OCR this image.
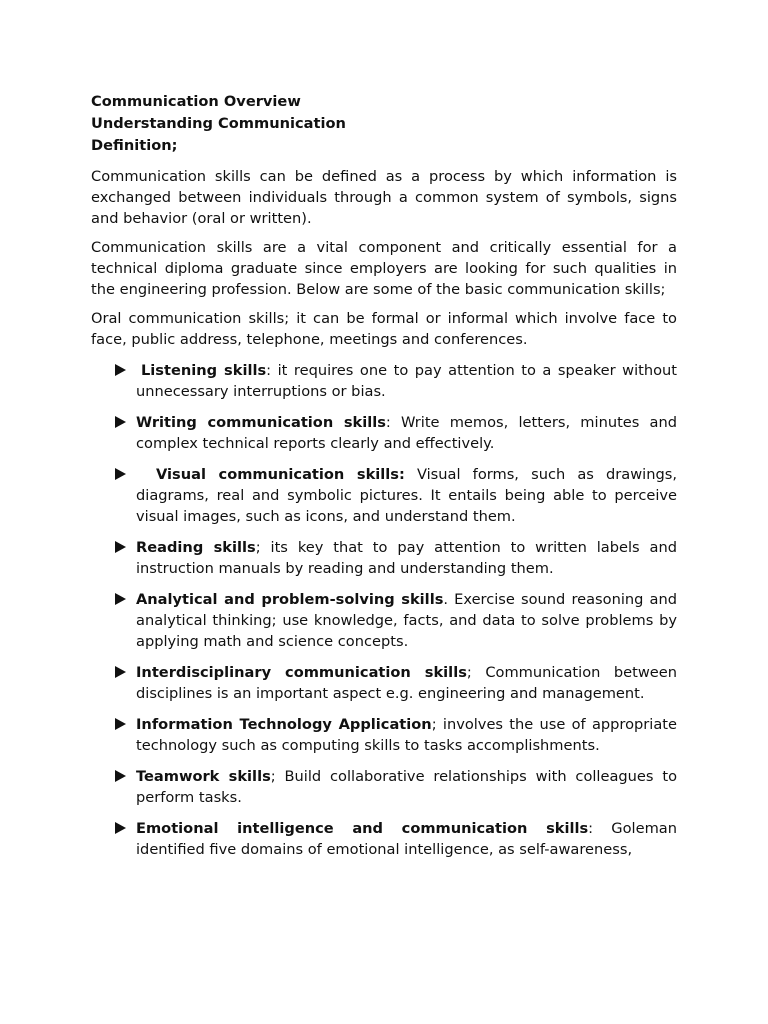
Communication Overview

Understanding Communication

Definition;

Communication skills can be defined as a process by which information is exchanged between individuals through a common system of symbols, signs and behavior (oral or written).

Communication skills are a vital component and critically essential for a technical diploma graduate since employers are looking for such qualities in the engineering profession. Below are some of the basic communication skills;

Oral communication skills; it can be formal or informal which involve face to face, public address, telephone, meetings and conferences.

Listening skills: it requires one to pay attention to a speaker without unnecessary interruptions or bias.
Writing communication skills: Write memos, letters, minutes and complex technical reports clearly and effectively.
Visual communication skills: Visual forms, such as drawings, diagrams, real and symbolic pictures. It entails being able to perceive visual images, such as icons, and understand them.
Reading skills; its key that to pay attention to written labels and instruction manuals by reading and understanding them.
Analytical and problem-solving skills. Exercise sound reasoning and analytical thinking; use knowledge, facts, and data to solve problems by applying math and science concepts.
Interdisciplinary communication skills; Communication between disciplines is an important aspect e.g. engineering and management.
Information Technology Application; involves the use of appropriate technology such as computing skills to tasks accomplishments.
Teamwork skills; Build collaborative relationships with colleagues to perform tasks.
Emotional intelligence and communication skills: Goleman identified five domains of emotional intelligence, as self-awareness,
